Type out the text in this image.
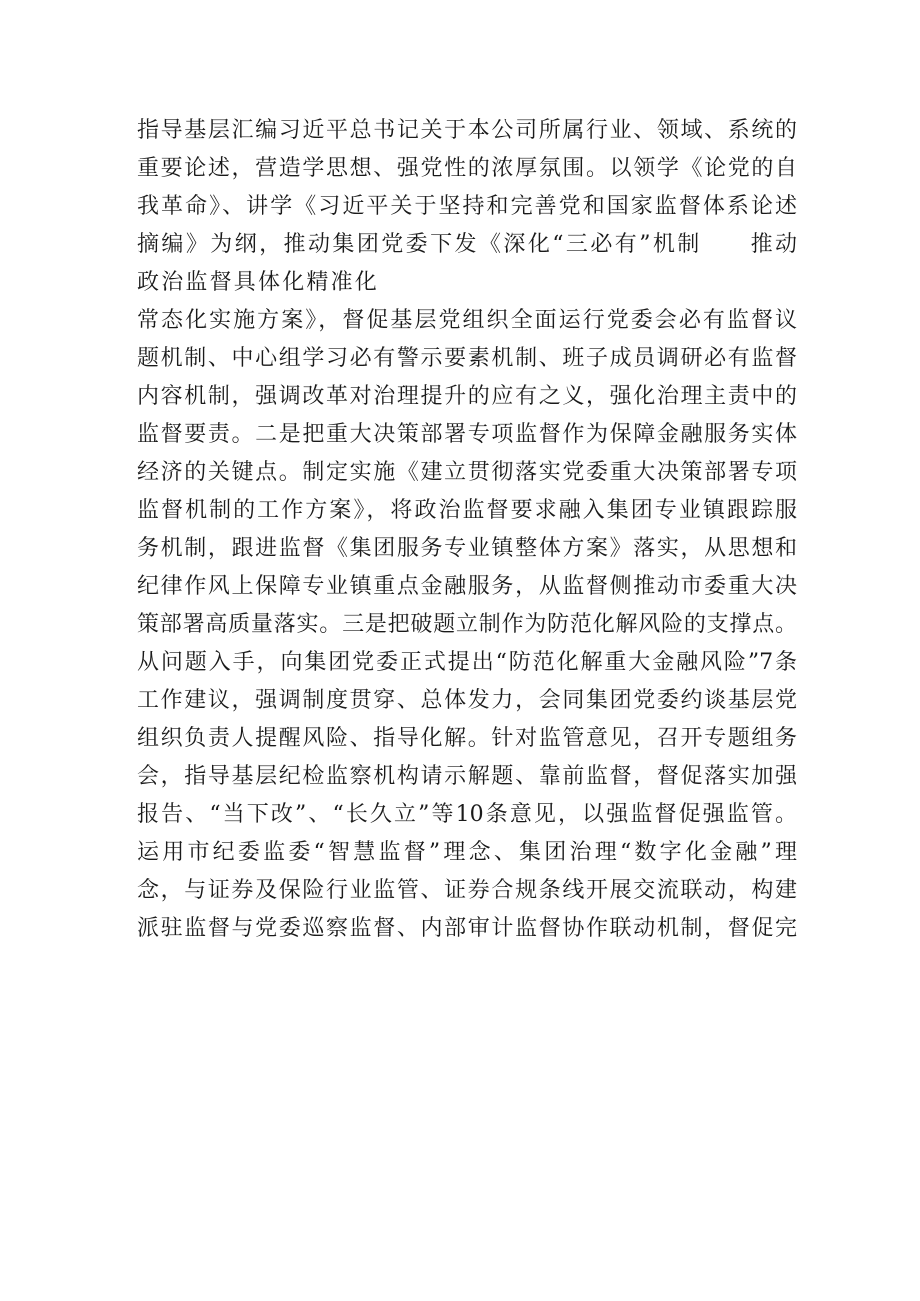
指导基层汇编习近平总书记关于本公司所属行业、领域、系统的
重要论述，营造学思想、强党性的浓厚氛围。以领学《论党的自
我革命》、讲学《习近平关于坚持和完善党和国家监督体系论述
摘编》为纲，推动集团党委下发《深化“三必有”机制　　推动
政治监督具体化精准化
常态化实施方案》，督促基层党组织全面运行党委会必有监督议
题机制、中心组学习必有警示要素机制、班子成员调研必有监督
内容机制，强调改革对治理提升的应有之义，强化治理主责中的
监督要责。二是把重大决策部署专项监督作为保障金融服务实体
经济的关键点。制定实施《建立贯彻落实党委重大决策部署专项
监督机制的工作方案》，将政治监督要求融入集团专业镇跟踪服
务机制，跟进监督《集团服务专业镇整体方案》落实，从思想和
纪律作风上保障专业镇重点金融服务，从监督侧推动市委重大决
策部署高质量落实。三是把破题立制作为防范化解风险的支撑点。
从问题入手，向集团党委正式提出“防范化解重大金融风险”7条
工作建议，强调制度贯穿、总体发力，会同集团党委约谈基层党
组织负责人提醒风险、指导化解。针对监管意见，召开专题组务
会，指导基层纪检监察机构请示解题、靠前监督，督促落实加强
报告、“当下改”、“长久立”等10条意见，以强监督促强监管。
运用市纪委监委“智慧监督”理念、集团治理“数字化金融”理
念，与证券及保险行业监管、证券合规条线开展交流联动，构建
派驻监督与党委巡察监督、内部审计监督协作联动机制，督促完
